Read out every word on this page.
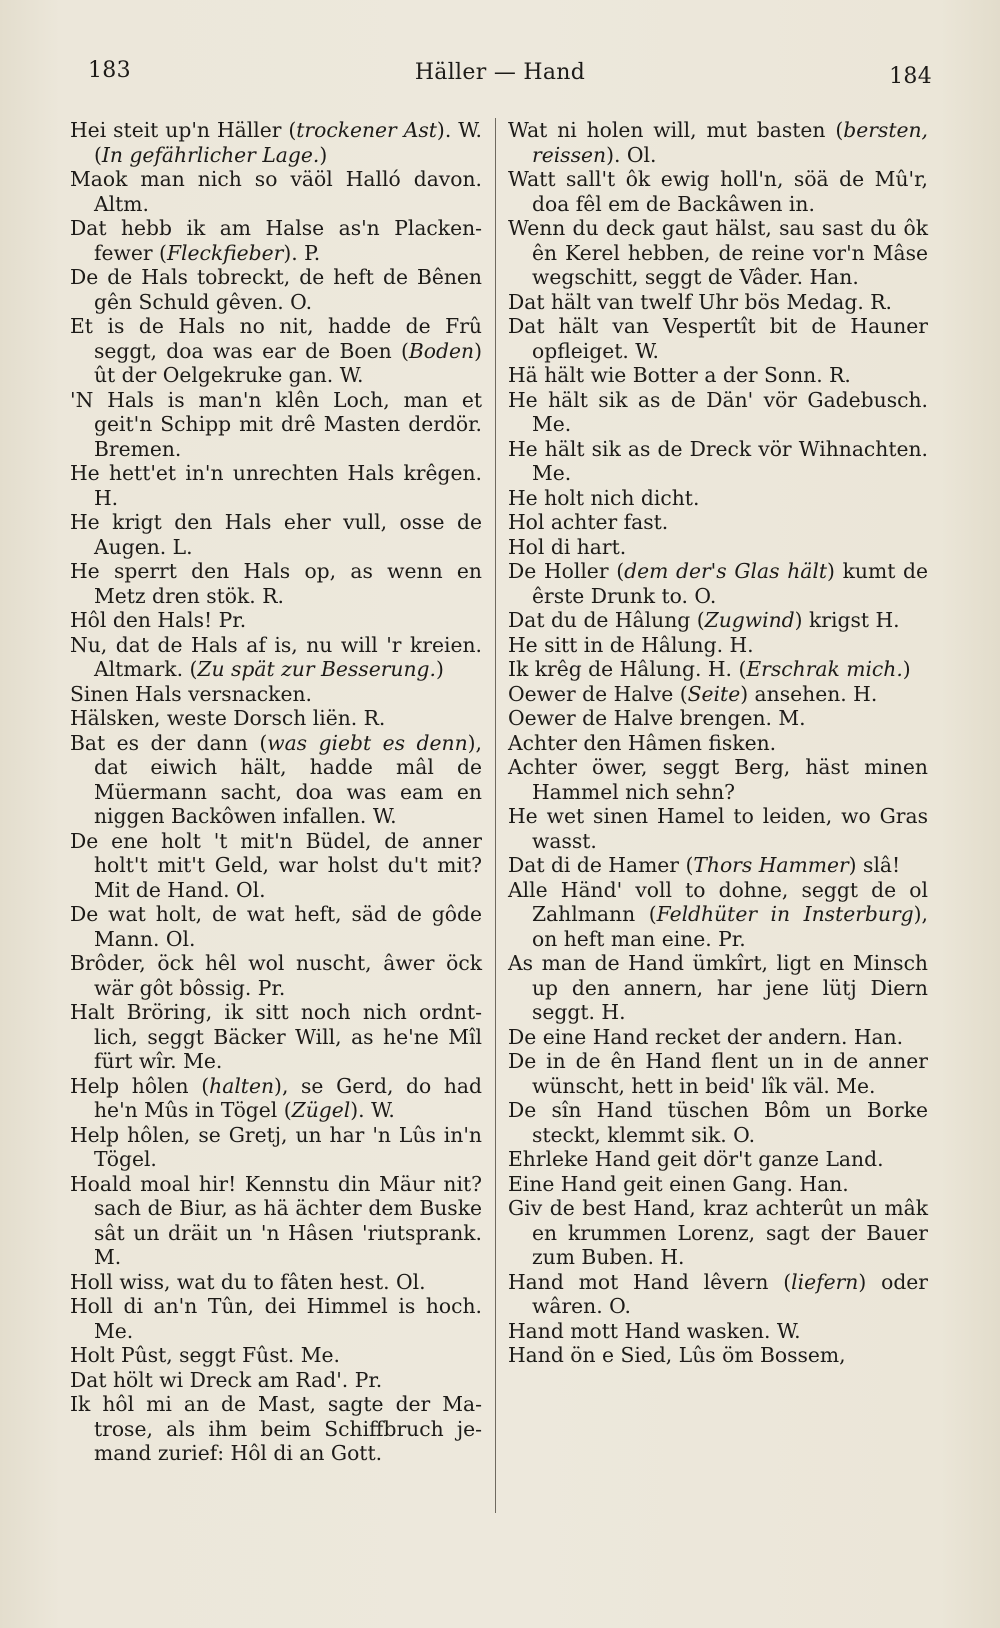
183	Häller — Hand	184

Hei steit up'n Häller (trockener Ast). W. (In gefährlicher Lage.)

Maok man nich so väöl Halló davon. Altm.

Dat hebb ik am Halse as'n Plackenfewer (Fleckfieber). P.

De de Hals tobreckt, de heft de Bênen gên Schuld gêven. O.

Et is de Hals no nit, hadde de Frû seggt, doa was ear de Boen (Boden) ût der Oelgekruke gan. W.

'N Hals is man'n klên Loch, man et geit'n Schipp mit drê Masten derdör. Bremen.

He hett'et in'n unrechten Hals krêgen. H.

He krigt den Hals eher vull, osse de Augen. L.

He sperrt den Hals op, as wenn en Metz dren stök. R.

Hôl den Hals! Pr.

Nu, dat de Hals af is, nu will 'r kreien. Altmark. (Zu spät zur Besserung.)

Sinen Hals versnacken.

Hälsken, weste Dorsch liën. R.

Bat es der dann (was giebt es denn), dat eiwich hält, hadde mâl de Müermann sacht, doa was eam en niggen Backôwen infallen. W.

De ene holt 't mit'n Büdel, de anner holt't mit't Geld, war holst du't mit? Mit de Hand. Ol.

De wat holt, de wat heft, säd de gôde Mann. Ol.

Brôder, öck hêl wol nuscht, âwer öck wär gôt bôssig. Pr.

Halt Bröring, ik sitt noch nich ordntlich, seggt Bäcker Will, as he'ne Mîl fürt wîr. Me.

Help hôlen (halten), se Gerd, do had he'n Mûs in Tögel (Zügel). W.

Help hôlen, se Gretj, un har 'n Lûs in'n Tögel.

Hoald moal hir! Kennstu din Mäur nit? sach de Biur, as hä ächter dem Buske sât un dräit un 'n Hâsen 'riutsprank. M.

Holl wiss, wat du to fâten hest. Ol.

Holl di an'n Tûn, dei Himmel is hoch. Me.

Holt Pûst, seggt Fûst. Me.

Dat hölt wi Dreck am Rad'. Pr.

Ik hôl mi an de Mast, sagte der Matrose, als ihm beim Schiffbruch jemand zurief: Hôl di an Gott.

Wat ni holen will, mut basten (bersten, reissen). Ol.

Watt sall't ôk ewig holl'n, söä de Mû'r, doa fêl em de Backâwen in.

Wenn du deck gaut hälst, sau sast du ôk ên Kerel hebben, de reine vor'n Mâse wegschitt, seggt de Vâder. Han.

Dat hält van twelf Uhr bös Medag. R.

Dat hält van Vespertît bit de Hauner opfleiget. W.

Hä hält wie Botter a der Sonn. R.

He hält sik as de Dän' vör Gadebusch. Me.

He hält sik as de Dreck vör Wihnachten. Me.

He holt nich dicht.

Hol achter fast.

Hol di hart.

De Holler (dem der's Glas hält) kumt de êrste Drunk to. O.

Dat du de Hâlung (Zugwind) krigst H.

He sitt in de Hâlung. H.

Ik krêg de Hâlung. H. (Erschrak mich.)

Oewer de Halve (Seite) ansehen. H.

Oewer de Halve brengen. M.

Achter den Hâmen fisken.

Achter öwer, seggt Berg, häst minen Hammel nich sehn?

He wet sinen Hamel to leiden, wo Gras wasst.

Dat di de Hamer (Thors Hammer) slâ!

Alle Händ' voll to dohne, seggt de ol Zahlmann (Feldhüter in Insterburg), on heft man eine. Pr.

As man de Hand ümkîrt, ligt en Minsch up den annern, har jene lütj Diern seggt. H.

De eine Hand recket der andern. Han.

De in de ên Hand flent un in de anner wünscht, hett in beid' lîk väl. Me.

De sîn Hand tüschen Bôm un Borke steckt, klemmt sik. O.

Ehrleke Hand geit dör't ganze Land.

Eine Hand geit einen Gang. Han.

Giv de best Hand, kraz achterût un mâk en krummen Lorenz, sagt der Bauer zum Buben. H.

Hand mot Hand lêvern (liefern) oder wâren. O.

Hand mott Hand wasken. W.

Hand ön e Sied, Lûs öm Bossem,
